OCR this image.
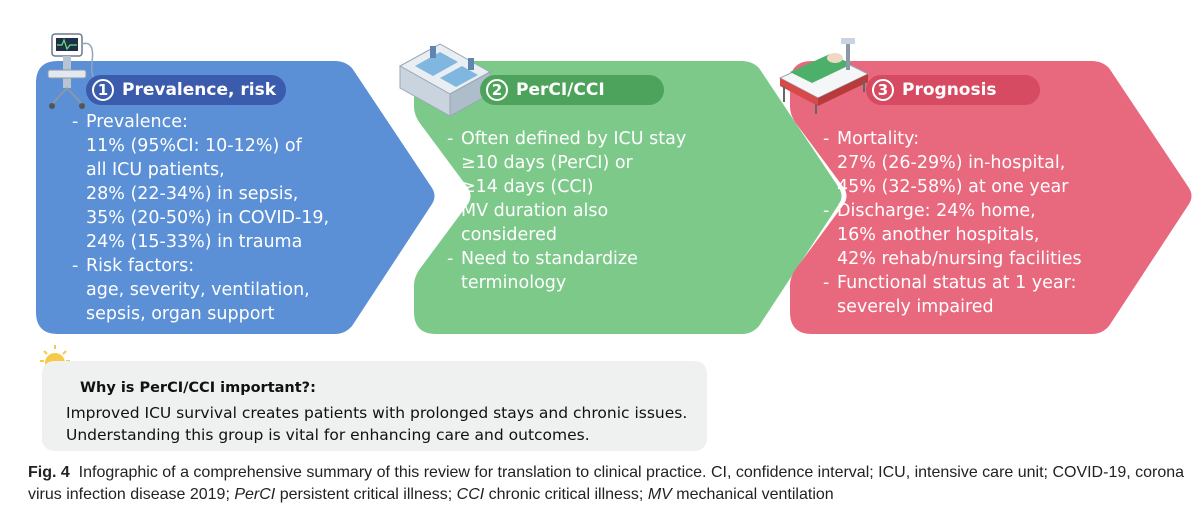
1 Prevalence, risk	2 PerCI/CCI	3 Prognosis
- Prevalence:
11% (95%CI: 10-12%) of
all ICU patients,
28% (22-34%) in sepsis,
35% (20-50%) in COVID-19,
24% (15-33%) in trauma
- Risk factors:
age, severity, ventilation,
sepsis, organ support
- Often defined by ICU stay
≥10 days (PerCI) or
≥14 days (CCI)
- MV duration also
considered
- Need to standardize
terminology
- Mortality:
27% (26-29%) in-hospital,
45% (32-58%) at one year
- Discharge: 24% home,
16% another hospitals,
42% rehab/nursing facilities
- Functional status at 1 year:
severely impaired
Why is PerCI/CCI important?:
Improved ICU survival creates patients with prolonged stays and chronic issues.
Understanding this group is vital for enhancing care and outcomes.
Fig. 4 Infographic of a comprehensive summary of this review for translation to clinical practice. CI, confidence interval; ICU, intensive care unit; COVID-19, corona virus infection disease 2019; PerCI persistent critical illness; CCI chronic critical illness; MV mechanical ventilation
